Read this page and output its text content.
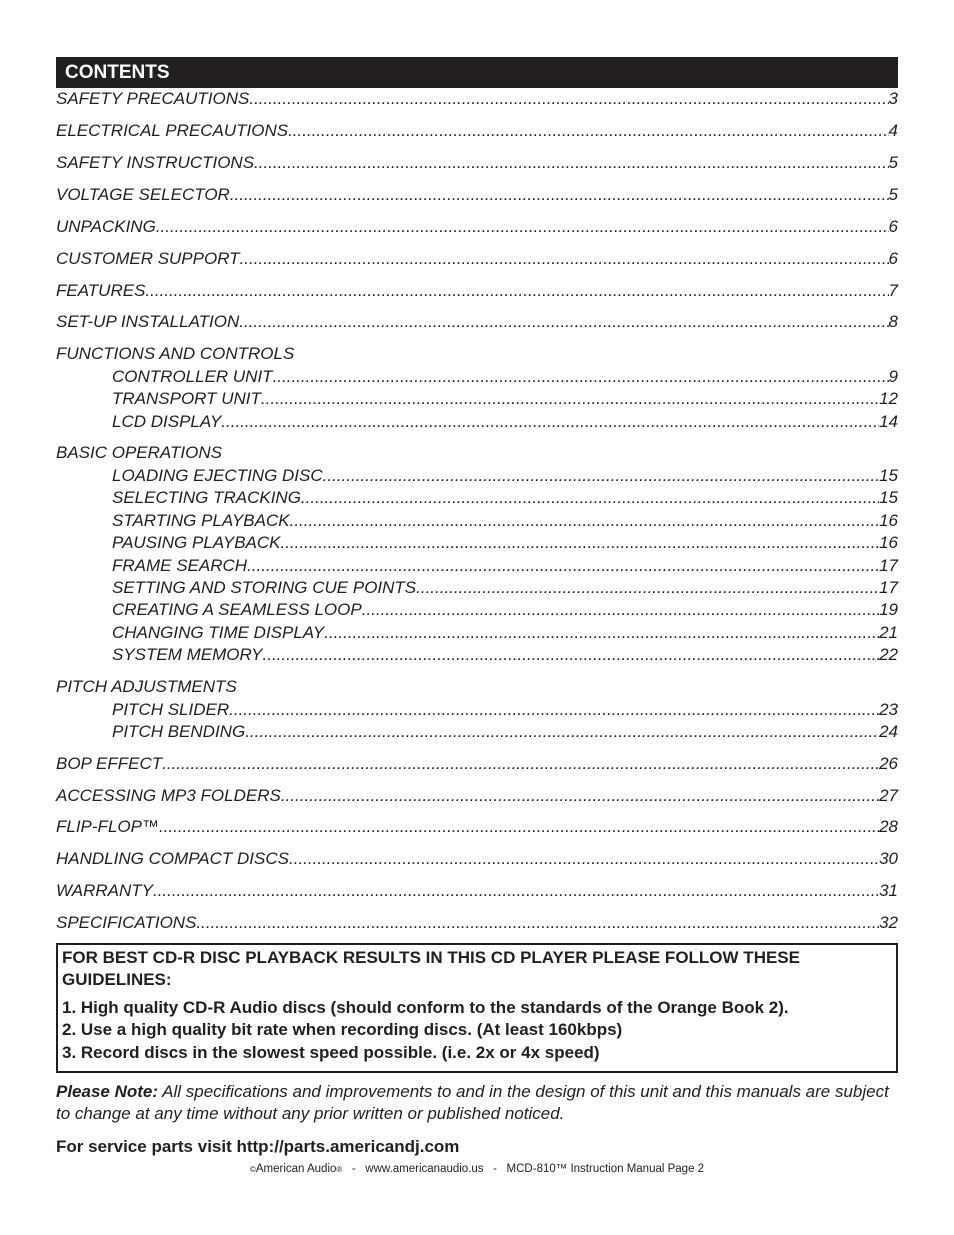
CONTENTS
SAFETY PRECAUTIONS .....	3
ELECTRICAL PRECAUTIONS .....	4
SAFETY INSTRUCTIONS .....	5
VOLTAGE SELECTOR .....	5
UNPACKING .....	6
CUSTOMER SUPPORT .....	6
FEATURES .....	7
SET-UP INSTALLATION .....	8
FUNCTIONS AND CONTROLS
CONTROLLER UNIT .....	9
TRANSPORT UNIT .....	12
LCD DISPLAY .....	14
BASIC OPERATIONS
LOADING EJECTING DISC .....	15
SELECTING TRACKING .....	15
STARTING PLAYBACK .....	16
PAUSING PLAYBACK .....	16
FRAME SEARCH .....	17
SETTING AND STORING CUE POINTS .....	17
CREATING A SEAMLESS LOOP .....	19
CHANGING TIME DISPLAY .....	21
SYSTEM MEMORY .....	22
PITCH ADJUSTMENTS
PITCH SLIDER .....	23
PITCH BENDING .....	24
BOP EFFECT .....	26
ACCESSING MP3 FOLDERS .....	27
FLIP-FLOP™ .....	28
HANDLING COMPACT DISCS .....	30
WARRANTY .....	31
SPECIFICATIONS .....	32
FOR BEST CD-R DISC PLAYBACK RESULTS IN THIS CD PLAYER PLEASE FOLLOW THESE
GUIDELINES:
1. High quality CD-R Audio discs (should conform to the standards of the Orange Book 2).
2. Use a high quality bit rate when recording discs. (At least 160kbps)
3. Record discs in the slowest speed possible. (i.e. 2x or 4x speed)
Please Note: All specifications and improvements to and in the design of this unit and this manuals are subject to change at any time without any prior written or published noticed.
For service parts visit http://parts.americandj.com
©American Audio®   -   www.americanaudio.us   -   MCD-810™ Instruction Manual Page 2
